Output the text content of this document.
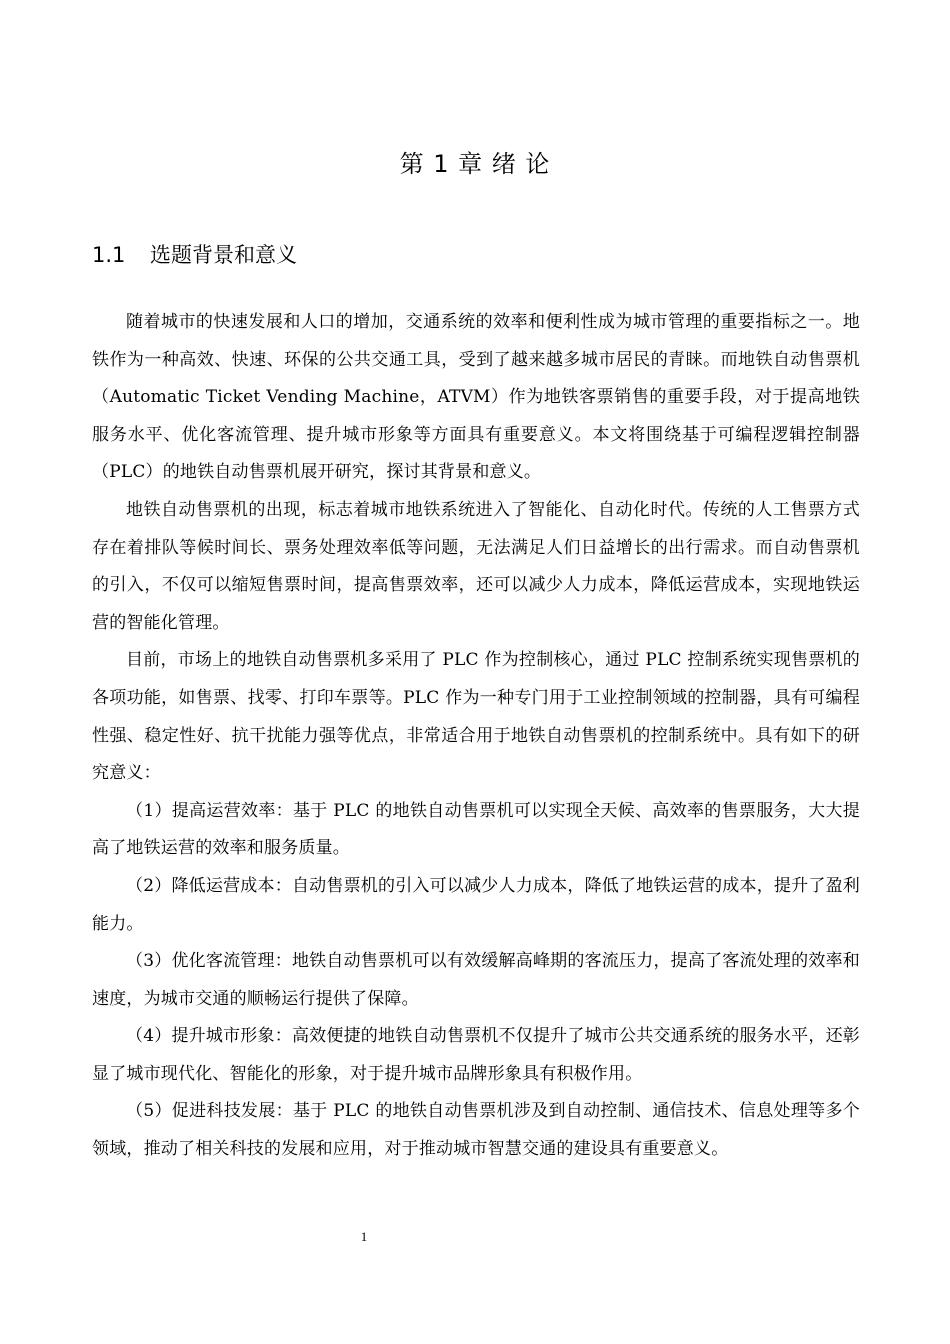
第 1 章 绪 论
1.1 选题背景和意义

随着城市的快速发展和人口的增加，交通系统的效率和便利性成为城市管理的重要指标之一。地铁作为一种高效、快速、环保的公共交通工具，受到了越来越多城市居民的青睐。而地铁自动售票机（Automatic Ticket Vending Machine，ATVM）作为地铁客票销售的重要手段，对于提高地铁服务水平、优化客流管理、提升城市形象等方面具有重要意义。本文将围绕基于可编程逻辑控制器（PLC）的地铁自动售票机展开研究，探讨其背景和意义。

地铁自动售票机的出现，标志着城市地铁系统进入了智能化、自动化时代。传统的人工售票方式存在着排队等候时间长、票务处理效率低等问题，无法满足人们日益增长的出行需求。而自动售票机的引入，不仅可以缩短售票时间，提高售票效率，还可以减少人力成本，降低运营成本，实现地铁运营的智能化管理。

目前，市场上的地铁自动售票机多采用了 PLC 作为控制核心，通过 PLC 控制系统实现售票机的各项功能，如售票、找零、打印车票等。PLC 作为一种专门用于工业控制领域的控制器，具有可编程性强、稳定性好、抗干扰能力强等优点，非常适合用于地铁自动售票机的控制系统中。具有如下的研究意义：

（1）提高运营效率：基于 PLC 的地铁自动售票机可以实现全天候、高效率的售票服务，大大提高了地铁运营的效率和服务质量。

（2）降低运营成本：自动售票机的引入可以减少人力成本，降低了地铁运营的成本，提升了盈利能力。

（3）优化客流管理：地铁自动售票机可以有效缓解高峰期的客流压力，提高了客流处理的效率和速度，为城市交通的顺畅运行提供了保障。

（4）提升城市形象：高效便捷的地铁自动售票机不仅提升了城市公共交通系统的服务水平，还彰显了城市现代化、智能化的形象，对于提升城市品牌形象具有积极作用。

（5）促进科技发展：基于 PLC 的地铁自动售票机涉及到自动控制、通信技术、信息处理等多个领域，推动了相关科技的发展和应用，对于推动城市智慧交通的建设具有重要意义。

1
